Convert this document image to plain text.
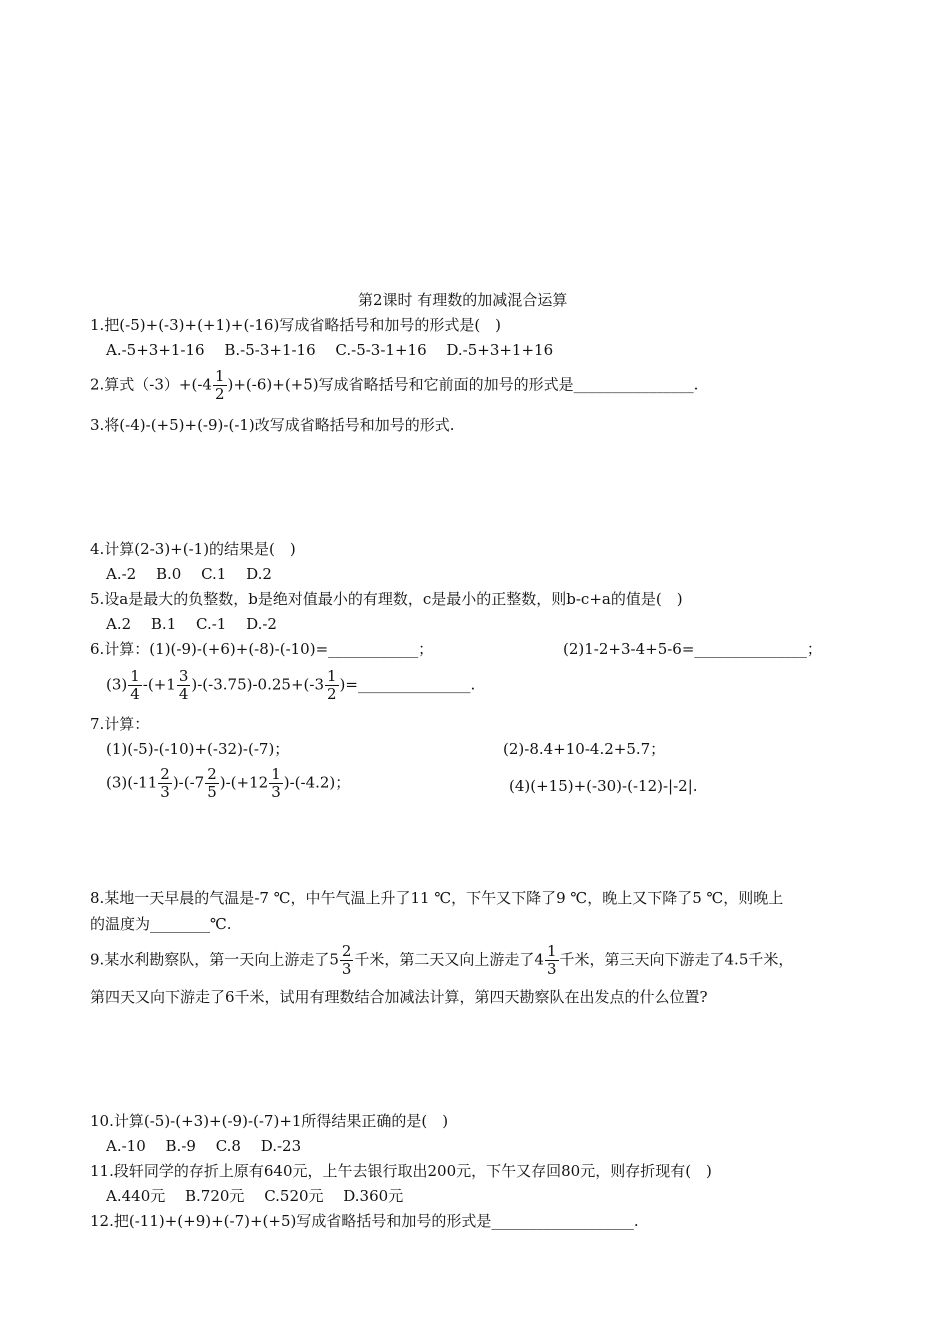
第2课时 有理数的加减混合运算
1.把(-5)+(-3)+(+1)+(-16)写成省略括号和加号的形式是(　)
A.-5+3+1-16　 B.-5-3+1-16　 C.-5-3-1+16　 D.-5+3+1+16
2.算式$(-3)+(-4 \frac{1}{2} )+(-6)+(+5)$写成省略括号和它前面的加号的形式是________________.
3.将(-4)-(+5)+(-9)-(-1)改写成省略括号和加号的形式.
4.计算(2-3)+(-1)的结果是(　)
A.-2　 B.0　 C.1　 D.2
5.设a是最大的负整数，b是绝对值最小的有理数，c是最小的正整数，则b-c+a的值是(　)
A.2　 B.1　 C.-1　 D.-2
6.计算：(1)(-9)-(+6)+(-8)-(-10)=____________；	(2)1-2+3-4+5-6=_______________；
$(3) \frac{1}{4} -(+1 \frac{3}{4} )-(-3.75)-0.25+(-3 \frac{1}{2}$ )=_______________.
7.计算：
(1)(-5)-(-10)+(-32)-(-7)；	(2)-8.4+10-4.2+5.7；
$(3)(-11 \frac{2}{3} )-(-7 \frac{2}{5} )-(+12 \frac{1}{3} )-(-4.2)$；	(4)(+15)+(-30)-(-12)-|-2|.
8.某地一天早晨的气温是-7 ℃，中午气温上升了11 ℃，下午又下降了9 ℃，晚上又下降了5 ℃，则晚上
的温度为________℃.
9.某水利勘察队，第一天向上游走了$5 \frac{2}{3}$ 千米，第二天又向上游走了$4 \frac{1}{3}$ 千米，第三天向下游走了4.5千米，
第四天又向下游走了6千米，试用有理数结合加减法计算，第四天勘察队在出发点的什么位置?
10.计算(-5)-(+3)+(-9)-(-7)+1所得结果正确的是(　)
A.-10　 B.-9　 C.8　 D.-23
11.段轩同学的存折上原有640元，上午去银行取出200元，下午又存回80元，则存折现有(　)
A.440元　 B.720元　 C.520元　 D.360元
12.把(-11)+(+9)+(-7)+(+5)写成省略括号和加号的形式是___________________.
